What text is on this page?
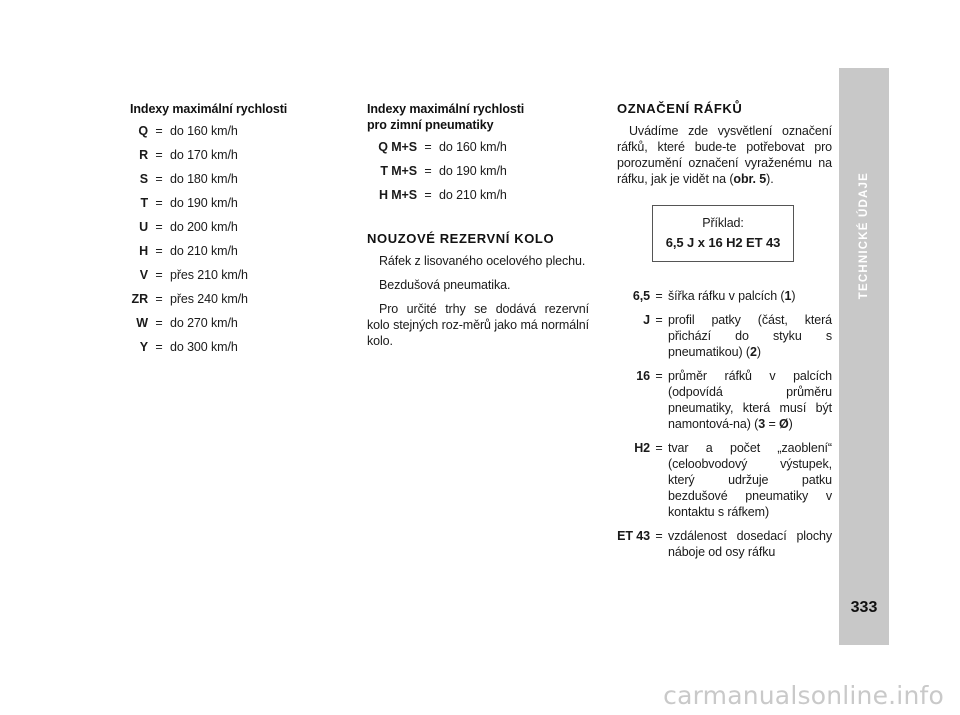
Indexy maximální rychlosti
Q = do 160 km/h
R = do 170 km/h
S = do 180 km/h
T = do 190 km/h
U = do 200 km/h
H = do 210 km/h
V = přes 210 km/h
ZR = přes 240 km/h
W = do 270 km/h
Y = do 300 km/h
Indexy maximální rychlosti
pro zimní pneumatiky
Q M+S = do 160 km/h
T M+S = do 190 km/h
H M+S = do 210 km/h
NOUZOVÉ REZERVNÍ KOLO

Ráfek z lisovaného ocelového plechu.

Bezdušová pneumatika.

Pro určité trhy se dodává rezervní kolo stejných roz-měrů jako má normální kolo.

OZNAČENÍ RÁFKŮ

Uvádíme zde vysvětlení označení ráfků, které bude-te potřebovat pro porozumění označení vyraženému na ráfku, jak je vidět na (obr. 5).

Příklad:
6,5 J x 16 H2 ET 43
6,5 = šířka ráfku v palcích (1)
J = profil patky (část, která přichází do styku s pneumatikou) (2)
16 = průměr ráfků v palcích (odpovídá průměru pneumatiky, která musí být namontová-na) (3 = Ø)
H2 = tvar a počet „zaoblení“ (celoobvodový výstupek, který udržuje patku bezdušové pneumatiky v kontaktu s ráfkem)
ET 43 = vzdálenost dosedací plochy náboje od osy ráfku
TECHNICKÉ ÚDAJE
333
carmanualsonline.info
